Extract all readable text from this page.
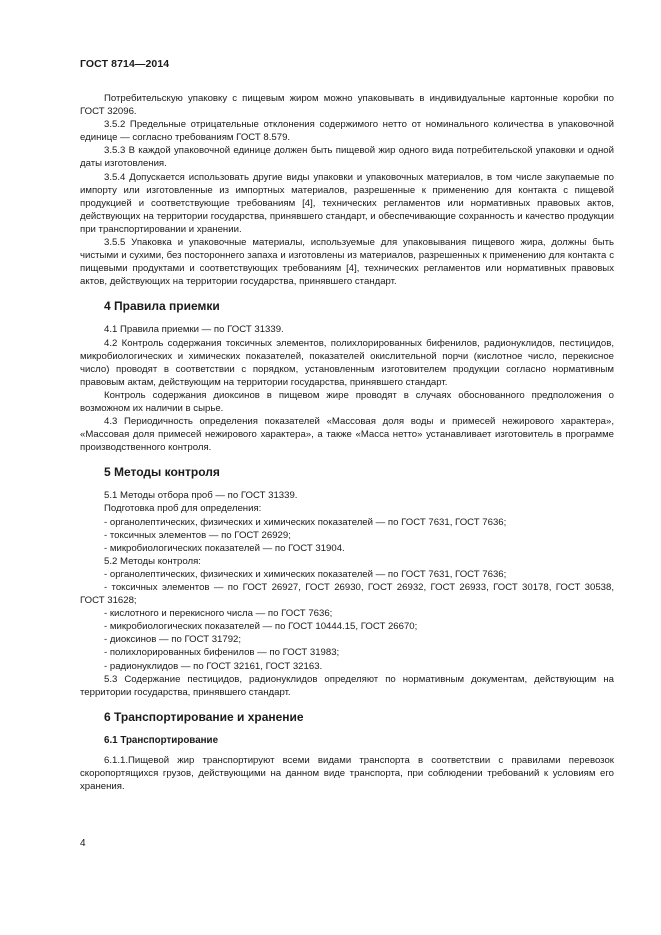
ГОСТ 8714—2014

Потребительскую упаковку с пищевым жиром можно упаковывать в индивидуальные картонные коробки по ГОСТ 32096.

3.5.2 Предельные отрицательные отклонения содержимого нетто от номинального количества в упаковочной единице — согласно требованиям ГОСТ 8.579.

3.5.3 В каждой упаковочной единице должен быть пищевой жир одного вида потребительской упаковки и одной даты изготовления.

3.5.4 Допускается использовать другие виды упаковки и упаковочных материалов, в том числе закупаемые по импорту или изготовленные из импортных материалов, разрешенные к применению для контакта с пищевой продукцией и соответствующие требованиям [4], технических регламентов или нормативных правовых актов, действующих на территории государства, принявшего стандарт, и обеспечивающие сохранность и качество продукции при транспортировании и хранении.

3.5.5 Упаковка и упаковочные материалы, используемые для упаковывания пищевого жира, должны быть чистыми и сухими, без постороннего запаха и изготовлены из материалов, разрешенных к применению для контакта с пищевыми продуктами и соответствующих требованиям [4], технических регламентов или нормативных правовых актов, действующих на территории государства, принявшего стандарт.

4 Правила приемки

4.1 Правила приемки — по ГОСТ 31339.

4.2 Контроль содержания токсичных элементов, полихлорированных бифенилов, радионуклидов, пестицидов, микробиологических и химических показателей, показателей окислительной порчи (кислотное число, перекисное число) проводят в соответствии с порядком, установленным изготовителем продукции согласно нормативным правовым актам, действующим на территории государства, принявшего стандарт.

Контроль содержания диоксинов в пищевом жире проводят в случаях обоснованного предположения о возможном их наличии в сырье.

4.3 Периодичность определения показателей «Массовая доля воды и примесей нежирового характера», «Массовая доля примесей нежирового характера», а также «Масса нетто» устанавливает изготовитель в программе производственного контроля.

5 Методы контроля

5.1 Методы отбора проб — по ГОСТ 31339.

Подготовка проб для определения:

- органолептических, физических и химических показателей — по ГОСТ 7631, ГОСТ 7636;

- токсичных элементов — по ГОСТ 26929;

- микробиологических показателей — по ГОСТ 31904.

5.2 Методы контроля:

- органолептических, физических и химических показателей — по ГОСТ 7631, ГОСТ 7636;

- токсичных элементов — по ГОСТ 26927, ГОСТ 26930, ГОСТ 26932, ГОСТ 26933, ГОСТ 30178, ГОСТ 30538, ГОСТ 31628;

- кислотного и перекисного числа — по ГОСТ 7636;

- микробиологических показателей — по ГОСТ 10444.15, ГОСТ 26670;

- диоксинов — по ГОСТ 31792;

- полихлорированных бифенилов — по ГОСТ 31983;

- радионуклидов — по ГОСТ 32161, ГОСТ 32163.

5.3 Содержание пестицидов, радионуклидов определяют по нормативным документам, действующим на территории государства, принявшего стандарт.

6 Транспортирование и хранение
6.1 Транспортирование

6.1.1.Пищевой жир транспортируют всеми видами транспорта в соответствии с правилами перевозок скоропортящихся грузов, действующими на данном виде транспорта, при соблюдении требований к условиям его хранения.

4
